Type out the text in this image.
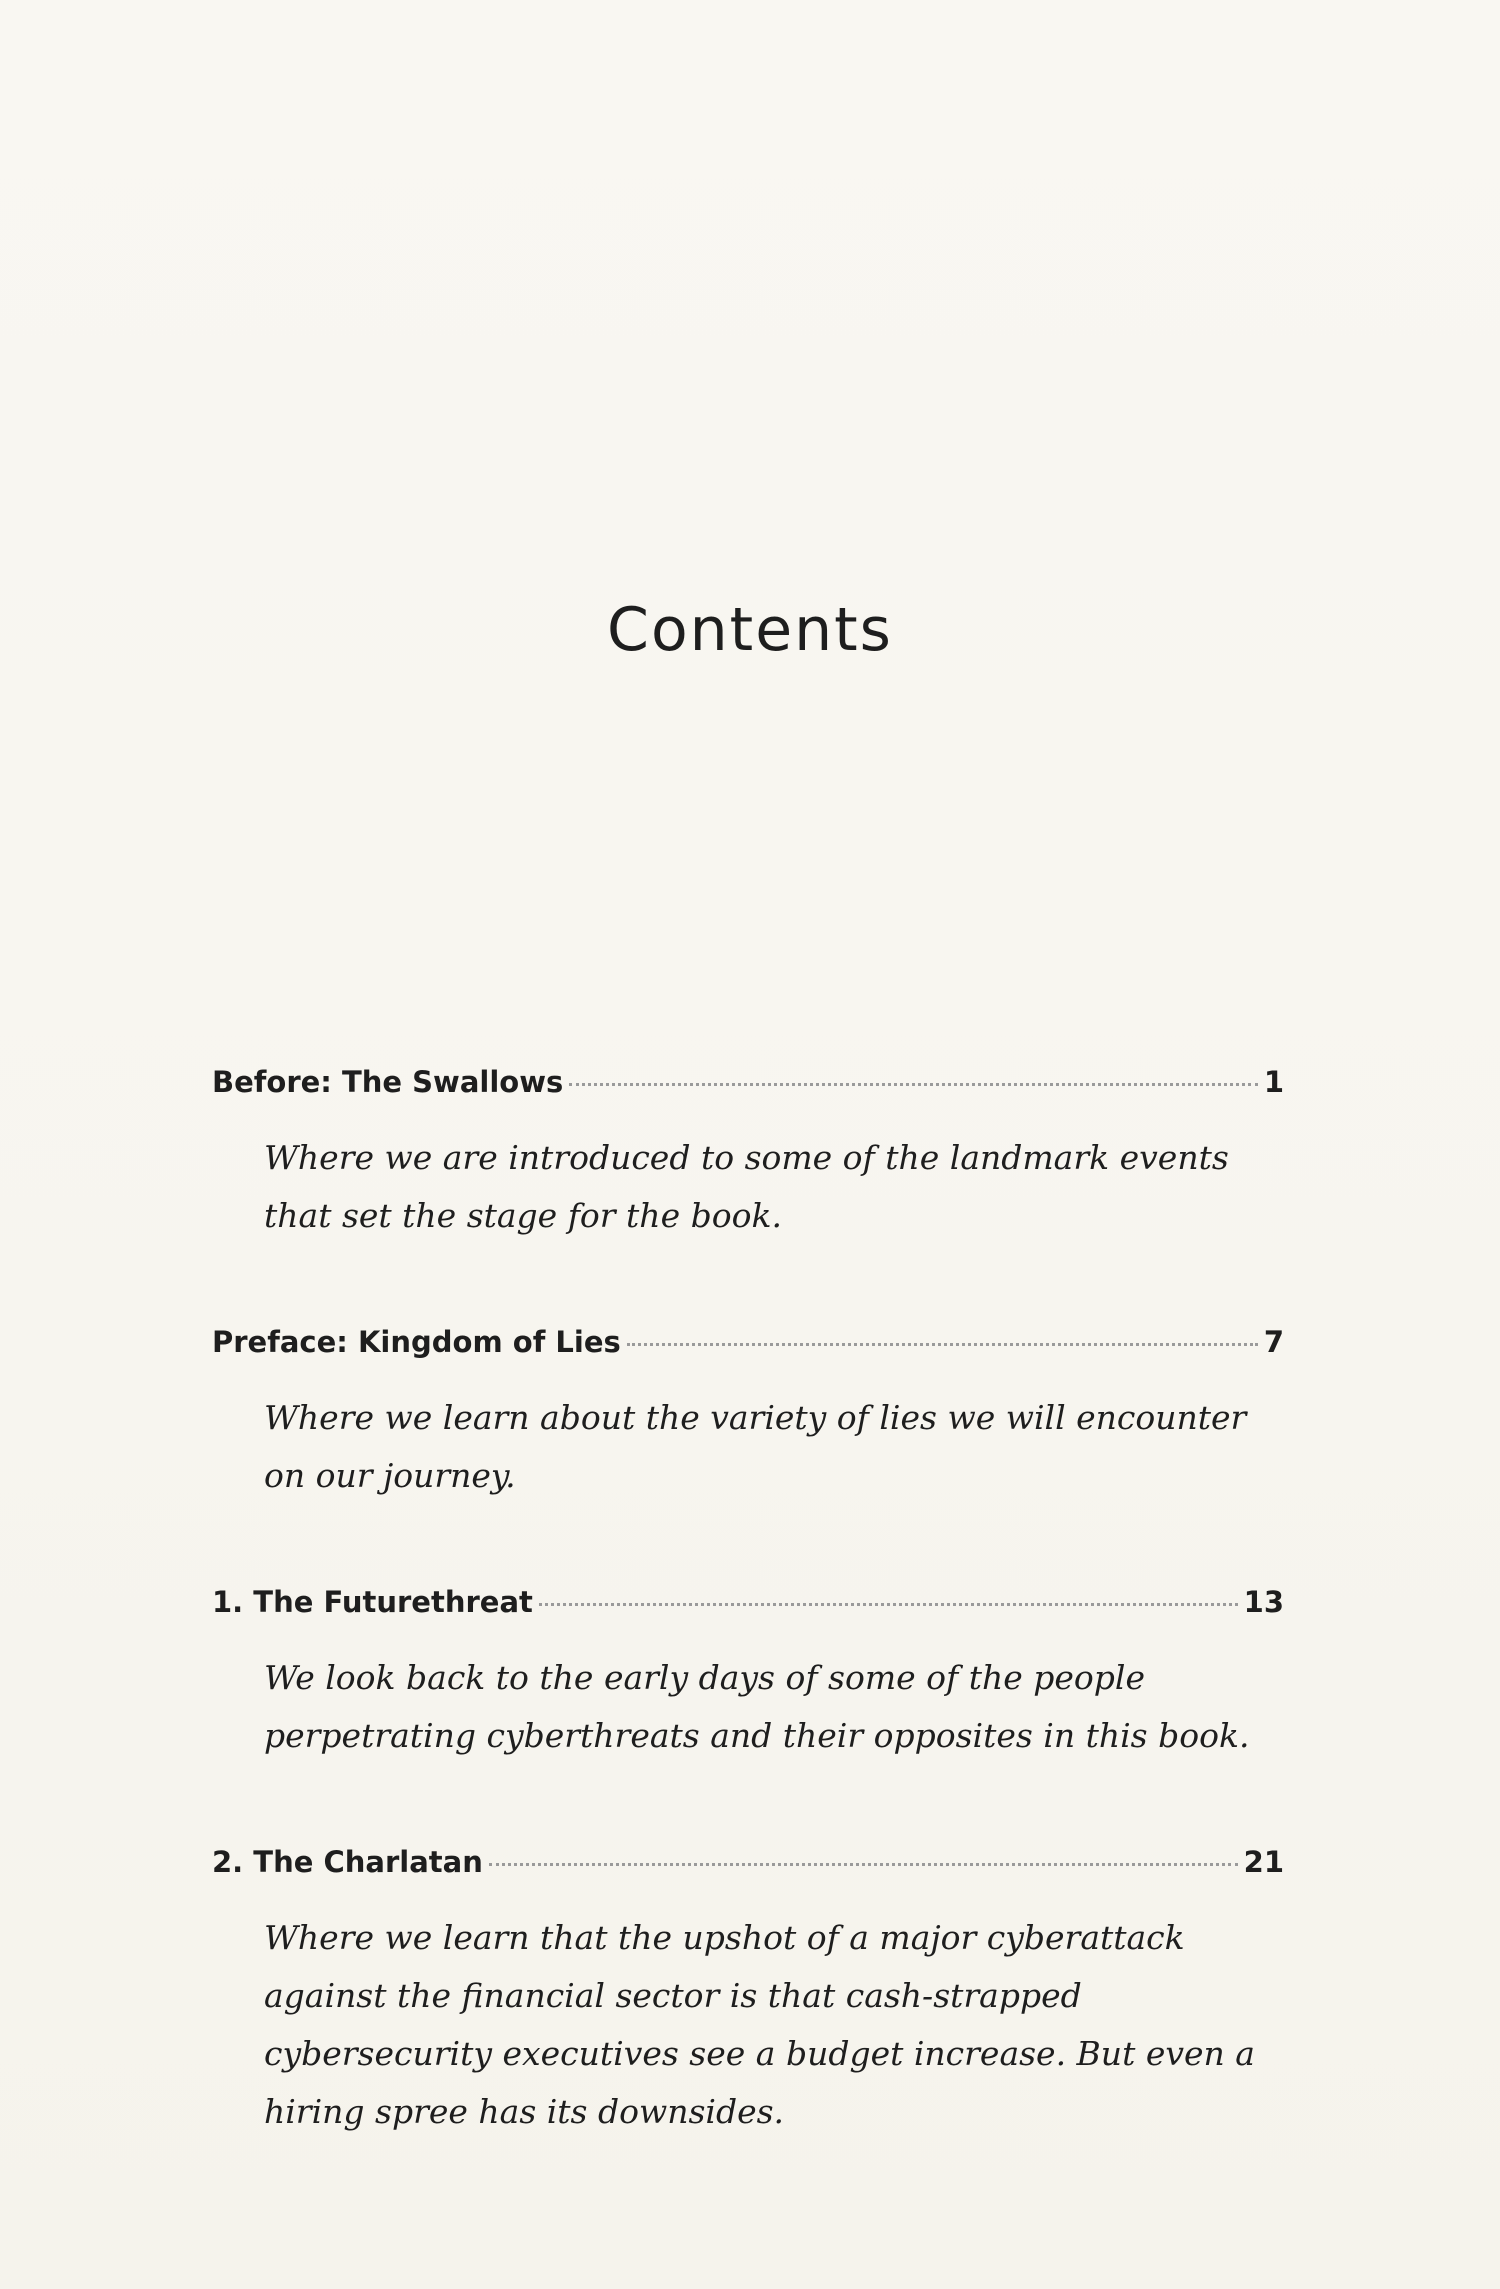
Contents
Before: The Swallows	1
Where we are introduced to some of the landmark events that set the stage for the book.
Preface: Kingdom of Lies	7
Where we learn about the variety of lies we will encounter on our journey.
1. The Futurethreat	13
We look back to the early days of some of the people perpetrating cyberthreats and their opposites in this book.
2. The Charlatan	21
Where we learn that the upshot of a major cyberattack against the financial sector is that cash-strapped cybersecurity executives see a budget increase. But even a hiring spree has its downsides.
